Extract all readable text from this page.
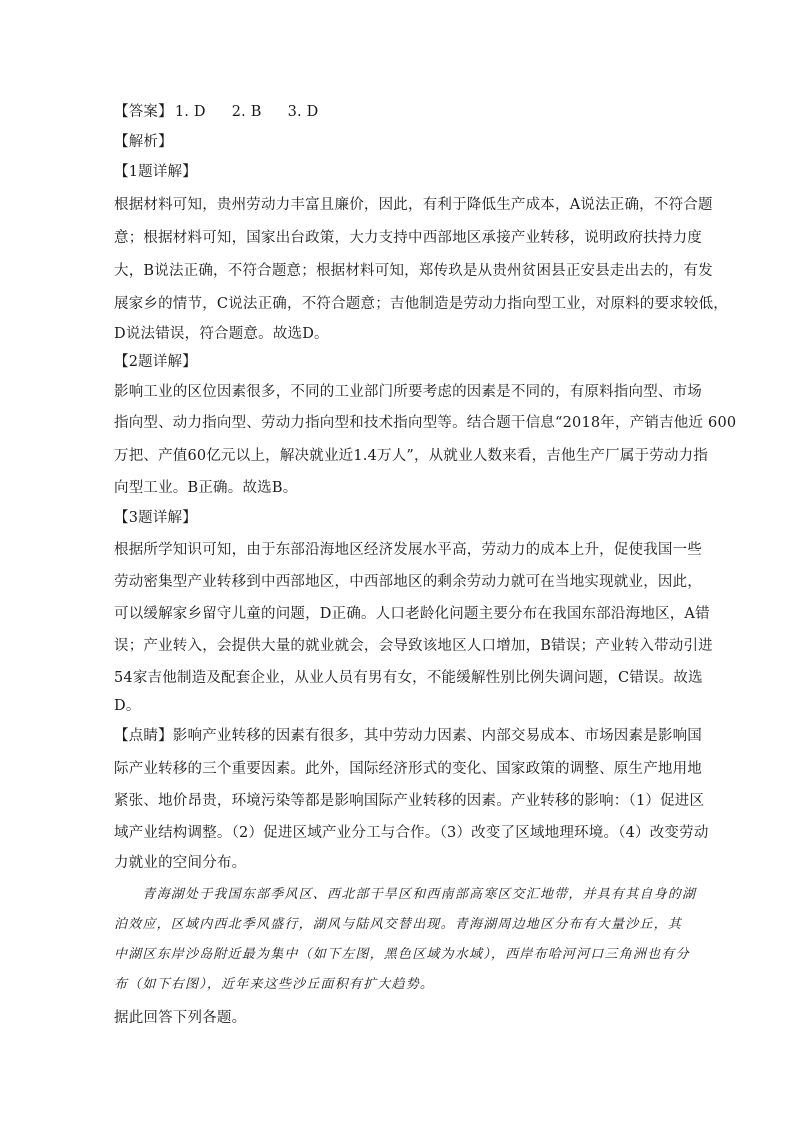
【答案】 1. D 2. B 3. D
【解析】
【1题详解】
根据材料可知，贵州劳动力丰富且廉价，因此，有利于降低生产成本，A说法正确，不符合题
意；根据材料可知，国家出台政策，大力支持中西部地区承接产业转移，说明政府扶持力度
大，B说法正确，不符合题意；根据材料可知，郑传玖是从贵州贫困县正安县走出去的，有发
展家乡的情节，C说法正确，不符合题意；吉他制造是劳动力指向型工业，对原料的要求较低，
D说法错误，符合题意。故选D。
【2题详解】
影响工业的区位因素很多，不同的工业部门所要考虑的因素是不同的，有原料指向型、市场
指向型、动力指向型、劳动力指向型和技术指向型等。结合题干信息“2018年，产销吉他近 600
万把、产值60亿元以上，解决就业近1.4万人”，从就业人数来看，吉他生产厂属于劳动力指
向型工业。B正确。故选B。
【3题详解】
根据所学知识可知，由于东部沿海地区经济发展水平高，劳动力的成本上升，促使我国一些
劳动密集型产业转移到中西部地区，中西部地区的剩余劳动力就可在当地实现就业，因此，
可以缓解家乡留守儿童的问题，D正确。人口老龄化问题主要分布在我国东部沿海地区，A错
误；产业转入，会提供大量的就业就会，会导致该地区人口增加，B错误；产业转入带动引进
54家吉他制造及配套企业，从业人员有男有女，不能缓解性别比例失调问题，C错误。故选
D。
【点睛】影响产业转移的因素有很多，其中劳动力因素、内部交易成本、市场因素是影响国
际产业转移的三个重要因素。此外，国际经济形式的变化、国家政策的调整、原生产地用地
紧张、地价昂贵，环境污染等都是影响国际产业转移的因素。产业转移的影响：（1）促进区
域产业结构调整。（2）促进区域产业分工与合作。（3）改变了区域地理环境。（4）改变劳动
力就业的空间分布。
　　青海湖处于我国东部季风区、西北部干旱区和西南部高寒区交汇地带，并具有其自身的湖
泊效应，区域内西北季风盛行，湖风与陆风交替出现。青海湖周边地区分布有大量沙丘，其
中湖区东岸沙岛附近最为集中（如下左图，黑色区域为水域），西岸布哈河河口三角洲也有分
布（如下右图），近年来这些沙丘面积有扩大趋势。
据此回答下列各题。
